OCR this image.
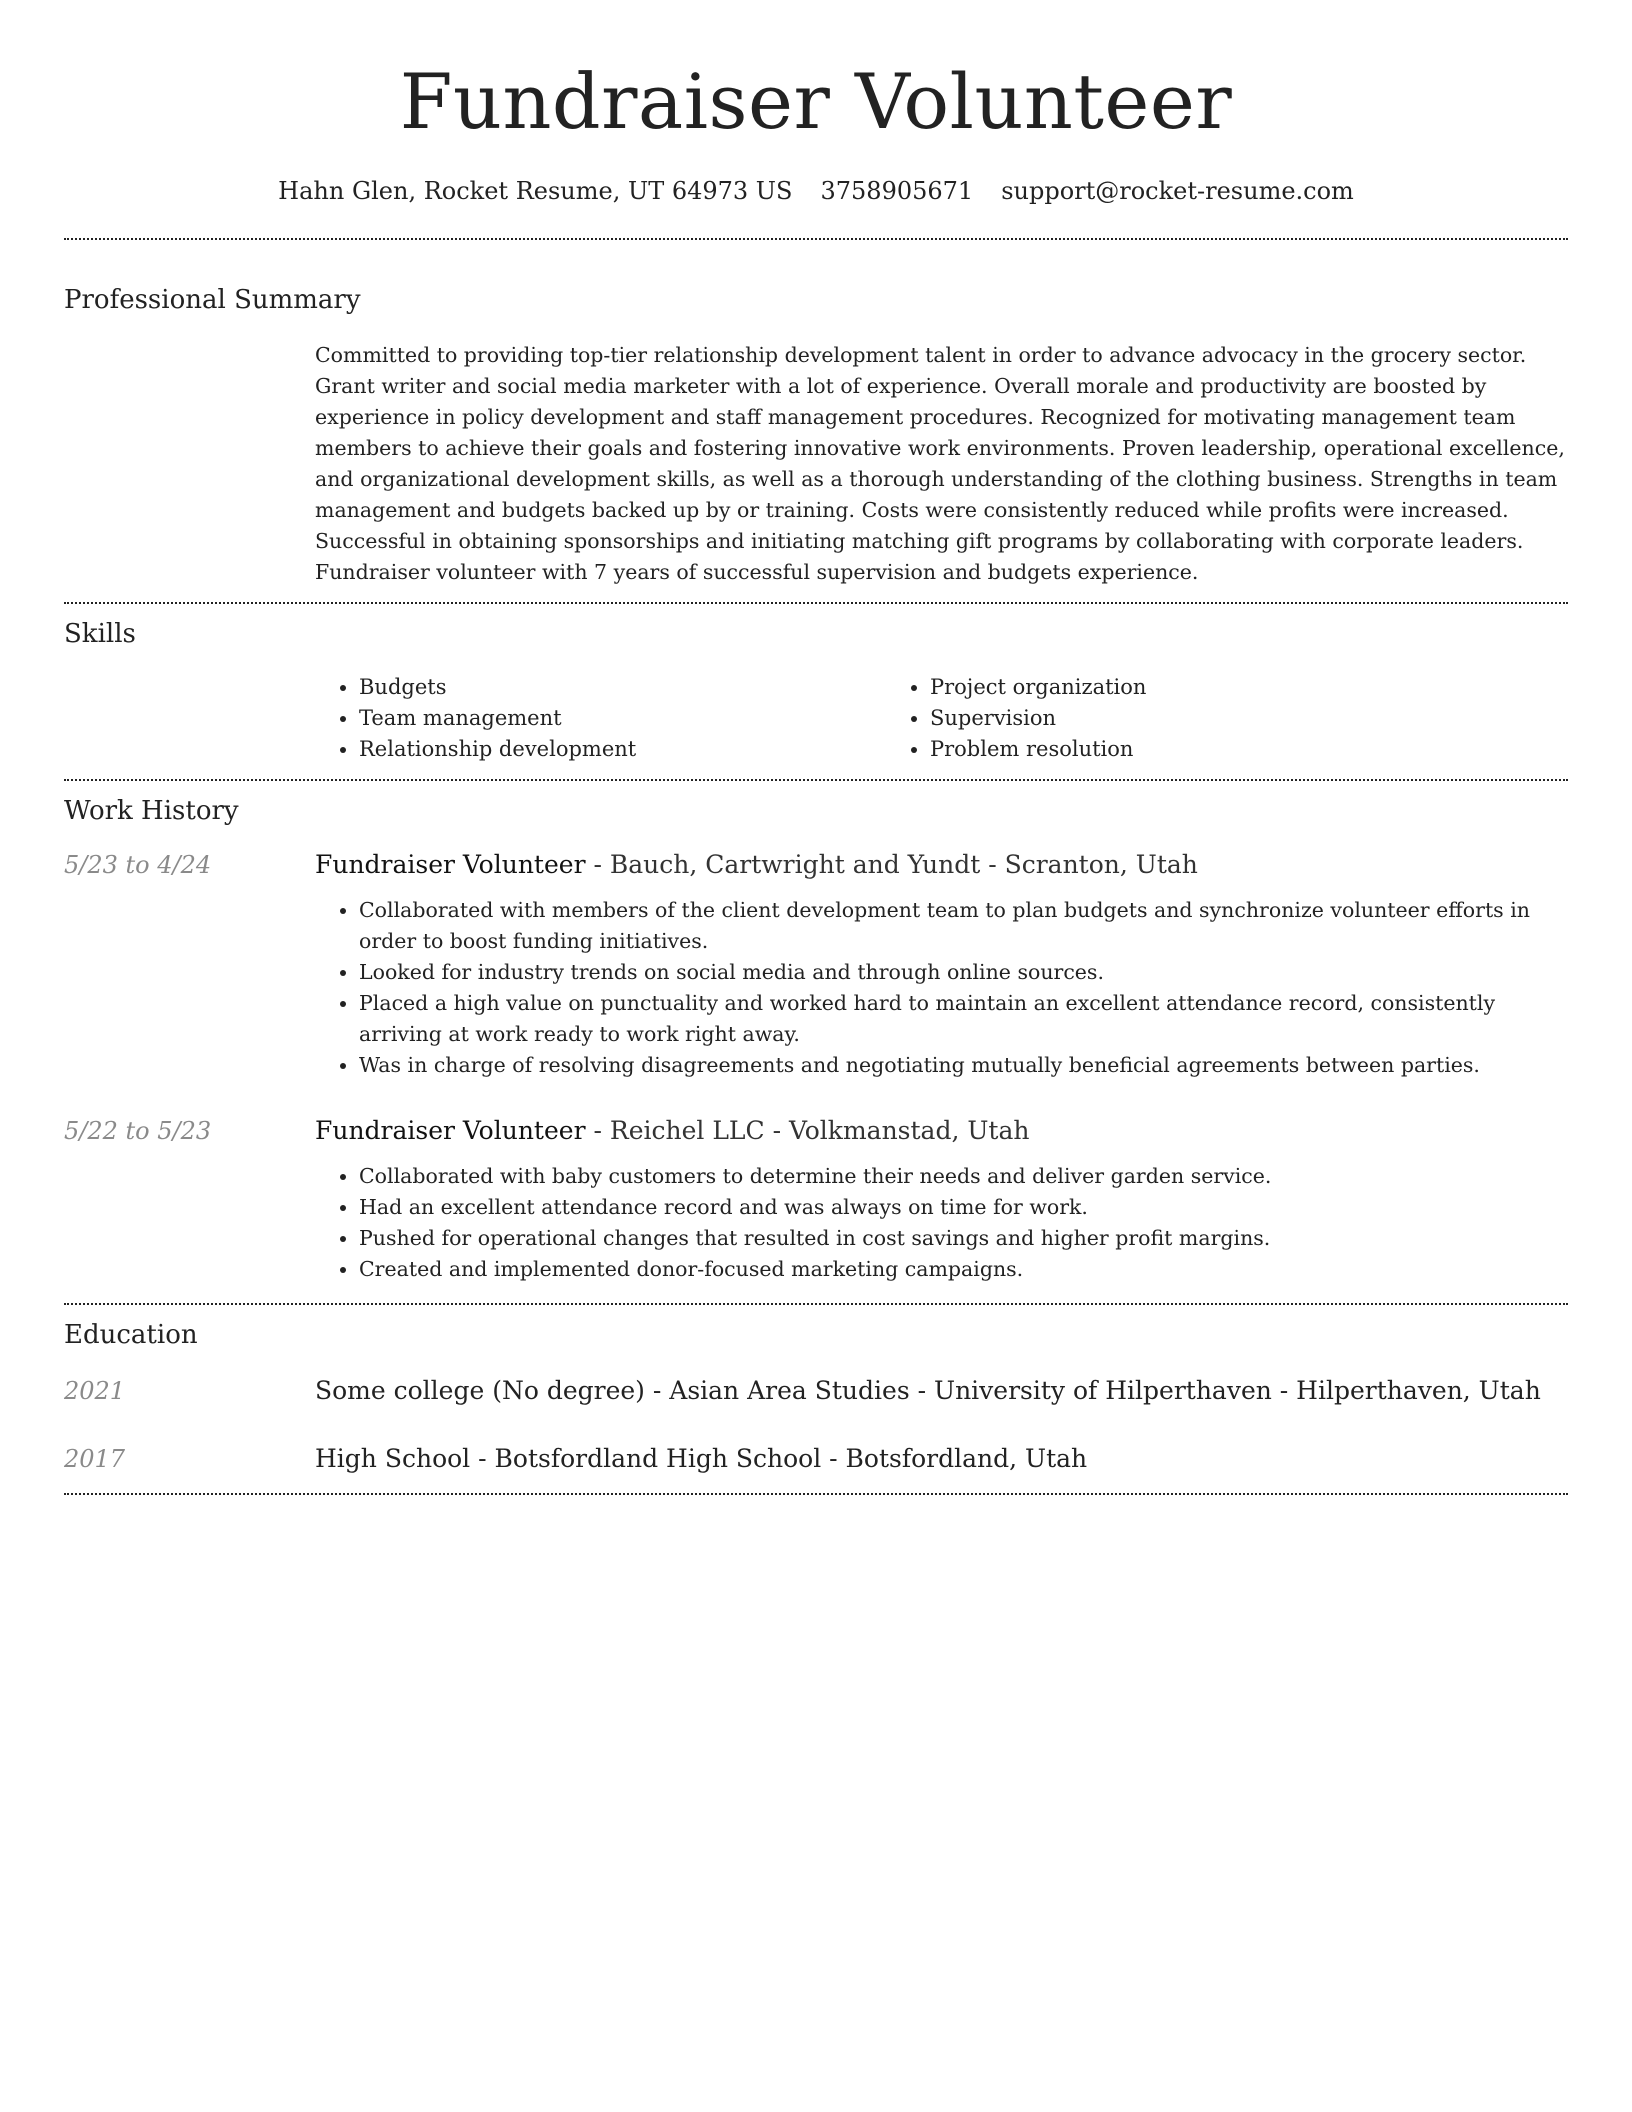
Fundraiser Volunteer
Hahn Glen, Rocket Resume, UT 64973 US 3758905671 support@rocket-resume.com
Professional Summary
Committed to providing top-tier relationship development talent in order to advance advocacy in the grocery sector. Grant writer and social media marketer with a lot of experience. Overall morale and productivity are boosted by experience in policy development and staff management procedures. Recognized for motivating management team members to achieve their goals and fostering innovative work environments. Proven leadership, operational excellence, and organizational development skills, as well as a thorough understanding of the clothing business. Strengths in team management and budgets backed up by or training. Costs were consistently reduced while profits were increased. Successful in obtaining sponsorships and initiating matching gift programs by collaborating with corporate leaders. Fundraiser volunteer with 7 years of successful supervision and budgets experience.
Skills
• Budgets
• Team management
• Relationship development
• Project organization
• Supervision
• Problem resolution
Work History
5/23 to 4/24	Fundraiser Volunteer - Bauch, Cartwright and Yundt - Scranton, Utah
• Collaborated with members of the client development team to plan budgets and synchronize volunteer efforts in order to boost funding initiatives.
• Looked for industry trends on social media and through online sources.
• Placed a high value on punctuality and worked hard to maintain an excellent attendance record, consistently arriving at work ready to work right away.
• Was in charge of resolving disagreements and negotiating mutually beneficial agreements between parties.
5/22 to 5/23	Fundraiser Volunteer - Reichel LLC - Volkmanstad, Utah
• Collaborated with baby customers to determine their needs and deliver garden service.
• Had an excellent attendance record and was always on time for work.
• Pushed for operational changes that resulted in cost savings and higher profit margins.
• Created and implemented donor-focused marketing campaigns.
Education
2021	Some college (No degree) - Asian Area Studies - University of Hilperthaven - Hilperthaven, Utah
2017	High School - Botsfordland High School - Botsfordland, Utah
